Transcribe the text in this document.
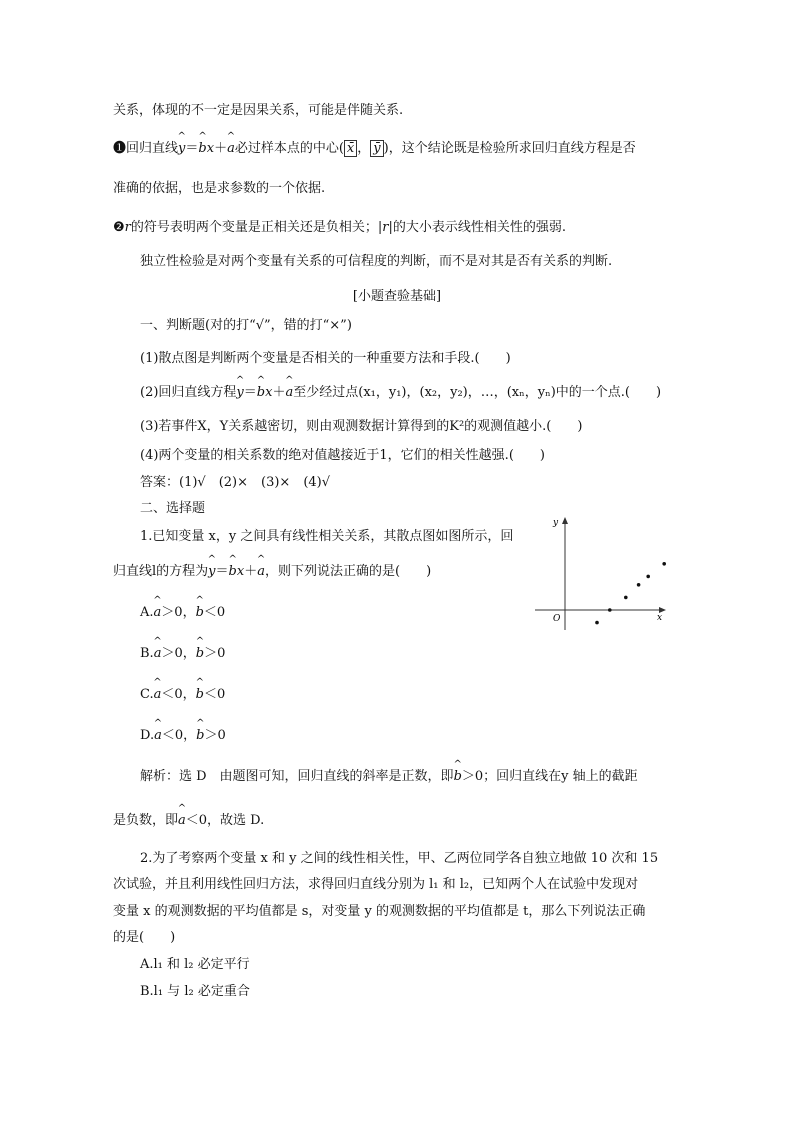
关系，体现的不一定是因果关系，可能是伴随关系.
❶回归直线^ y＝^ bx＋^ a必过样本点的中心( x̄ ， ȳ )，这个结论既是检验所求回归直线方程是否
准确的依据，也是求参数的一个依据.
❷r的符号表明两个变量是正相关还是负相关；|r|的大小表示线性相关性的强弱.
独立性检验是对两个变量有关系的可信程度的判断，而不是对其是否有关系的判断.
[小题查验基础]
一、判断题(对的打“√”，错的打“×”)
(1)散点图是判断两个变量是否相关的一种重要方法和手段.(　　)
(2)回归直线方程^ y＝^ bx＋^ a至少经过点(x₁，y₁)，(x₂，y₂)，…，(xₙ，yₙ)中的一个点.(　　)
(3)若事件X，Y关系越密切，则由观测数据计算得到的K²的观测值越小.(　　)
(4)两个变量的相关系数的绝对值越接近于1，它们的相关性越强.(　　)
答案：(1)√　(2)×　(3)×　(4)√
二、选择题
1.已知变量 x，y 之间具有线性相关关系，其散点图如图所示，回
归直线l的方程为^ y＝^ bx＋^ a，则下列说法正确的是(　　)
x
y
O
A.^ a＞0，^ b＜0
B.^ a＞0，^ b＞0
C.^ a＜0，^ b＜0
D.^ a＜0，^ b＞0
解析：选 D　由题图可知，回归直线的斜率是正数，即^ b＞0；回归直线在y 轴上的截距
是负数，即^ a＜0，故选 D.
2.为了考察两个变量 x 和 y 之间的线性相关性，甲、乙两位同学各自独立地做 10 次和 15
次试验，并且利用线性回归方法，求得回归直线分别为 l₁ 和 l₂，已知两个人在试验中发现对
变量 x 的观测数据的平均值都是 s，对变量 y 的观测数据的平均值都是 t，那么下列说法正确
的是(　　)
A.l₁ 和 l₂ 必定平行
B.l₁ 与 l₂ 必定重合
